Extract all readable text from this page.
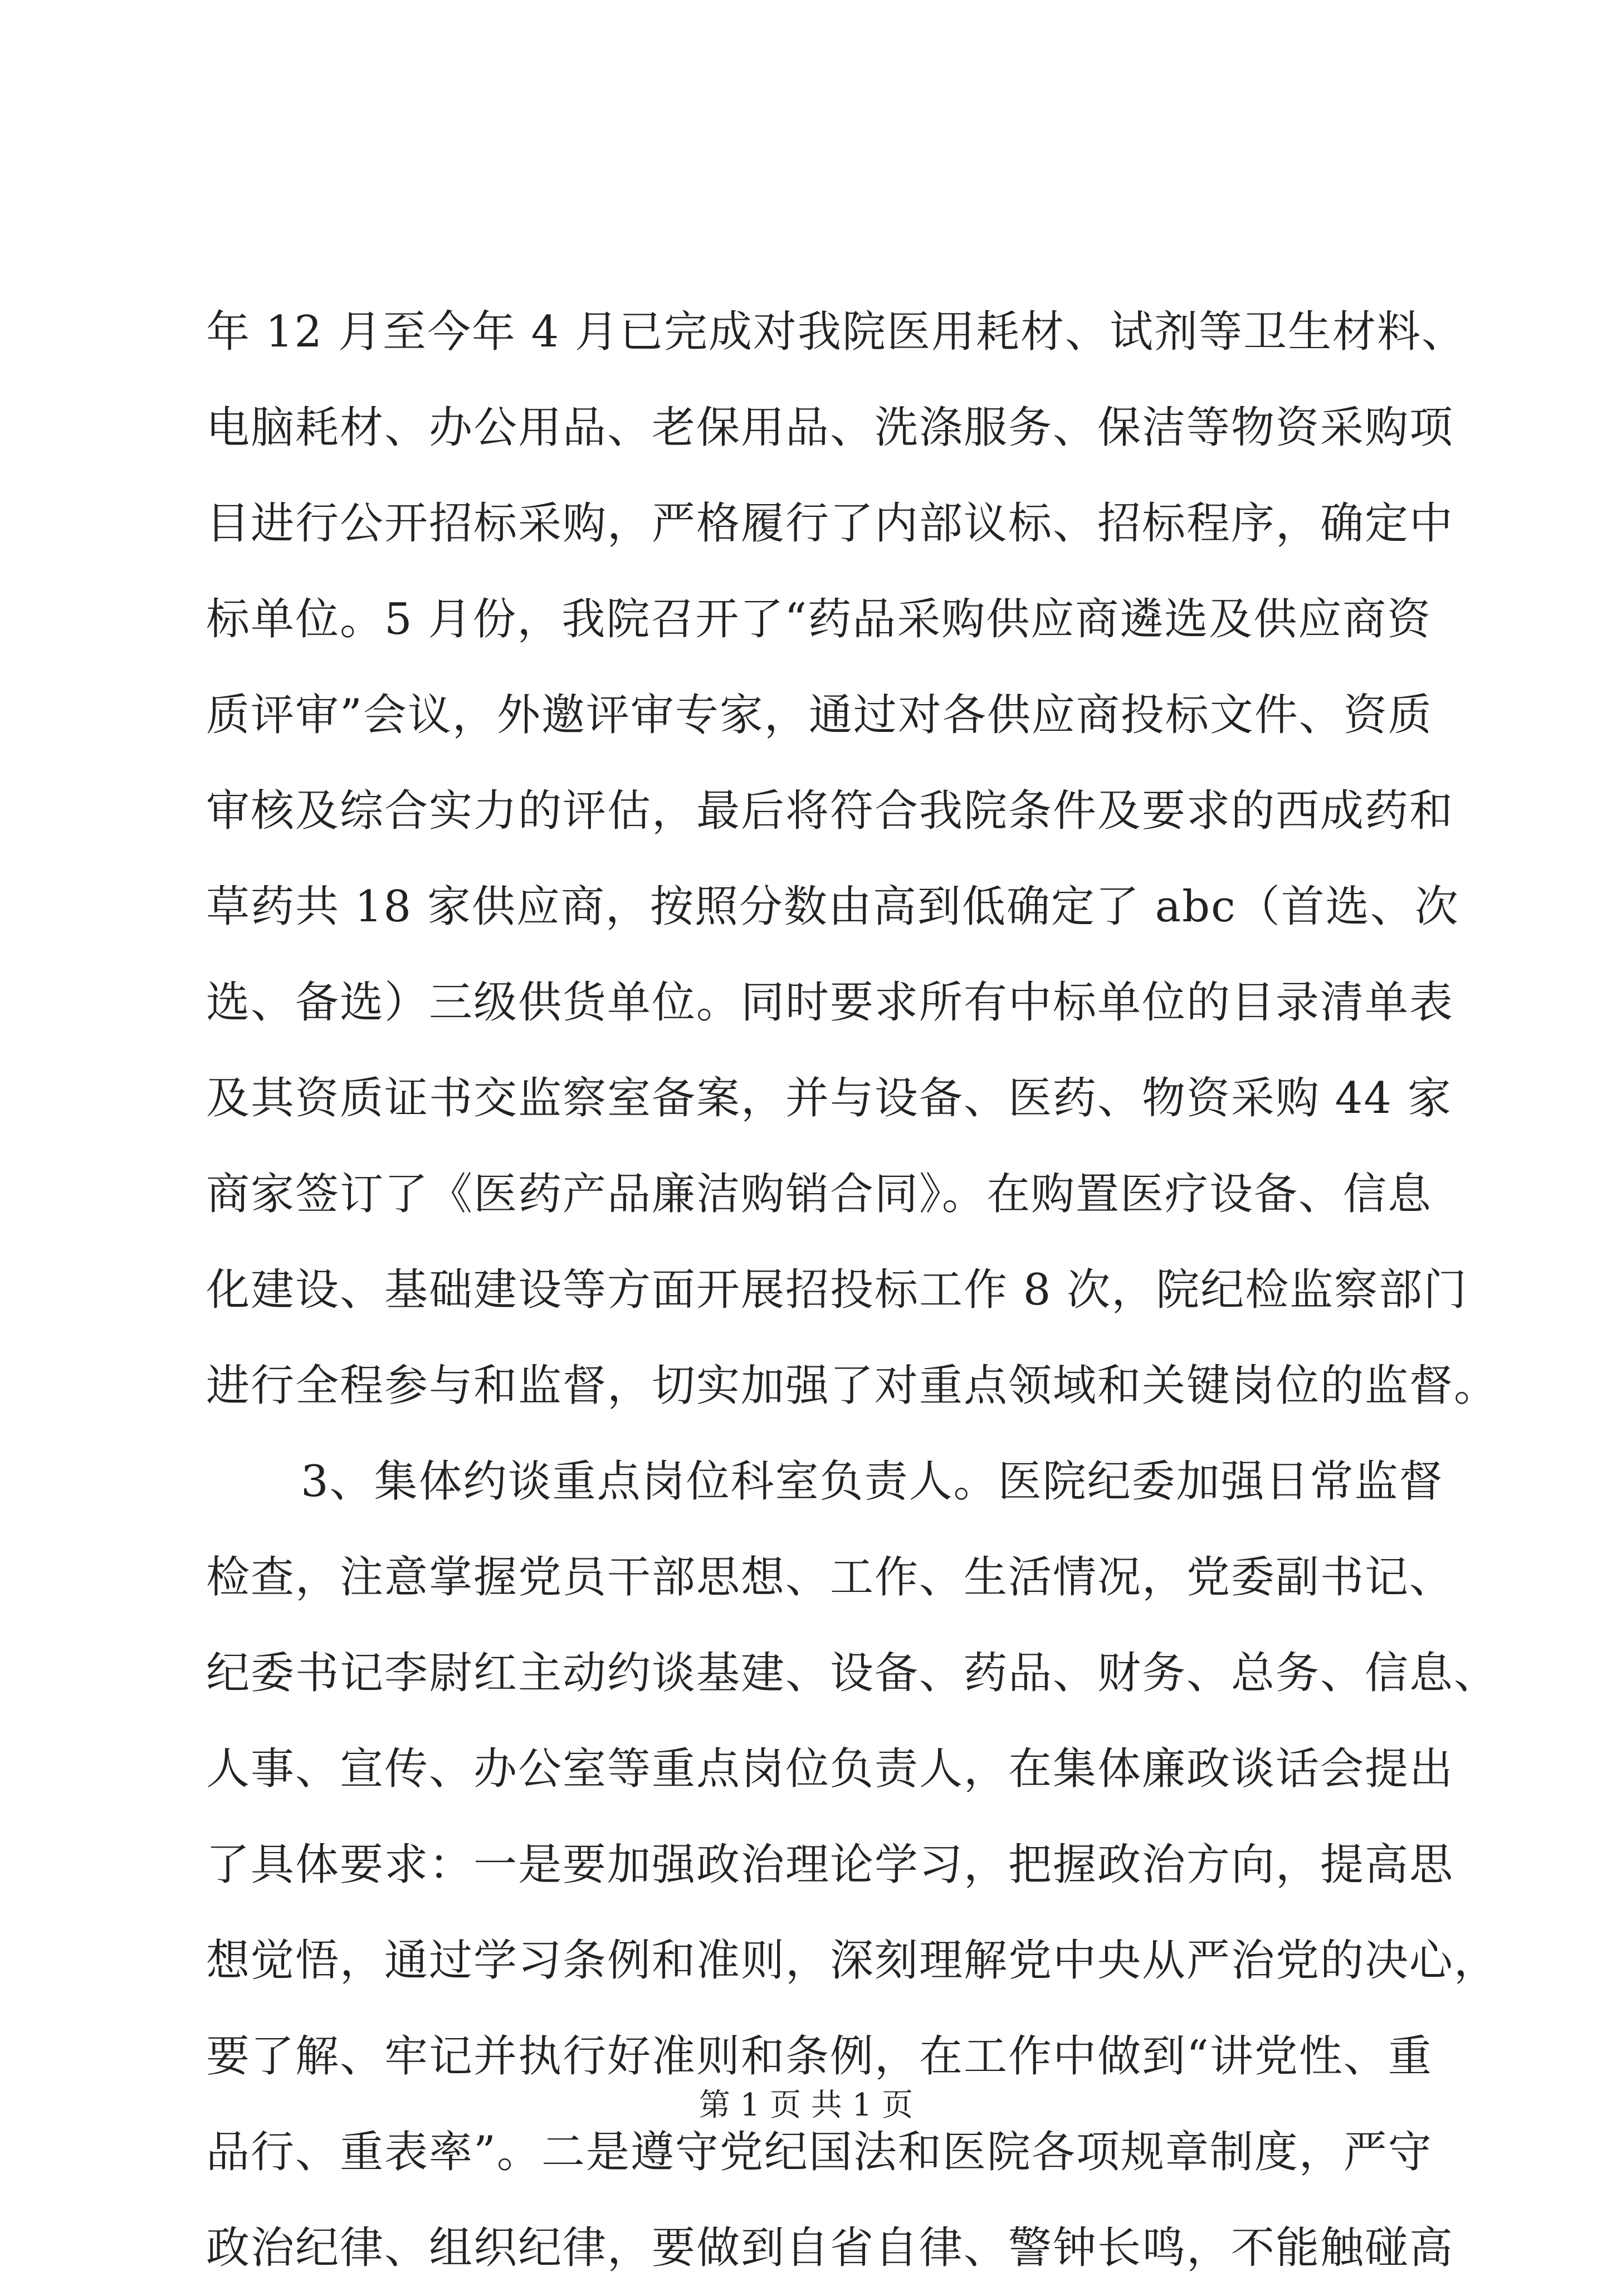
年 12 月至今年 4 月已完成对我院医用耗材、试剂等卫生材料、
电脑耗材、办公用品、老保用品、洗涤服务、保洁等物资采购项
目进行公开招标采购，严格履行了内部议标、招标程序，确定中
标单位。5 月份，我院召开了“药品采购供应商遴选及供应商资
质评审”会议，外邀评审专家，通过对各供应商投标文件、资质
审核及综合实力的评估，最后将符合我院条件及要求的西成药和
草药共 18 家供应商，按照分数由高到低确定了 abc（首选、次
选、备选）三级供货单位。同时要求所有中标单位的目录清单表
及其资质证书交监察室备案，并与设备、医药、物资采购 44 家
商家签订了《医药产品廉洁购销合同》。在购置医疗设备、信息
化建设、基础建设等方面开展招投标工作 8 次，院纪检监察部门
进行全程参与和监督，切实加强了对重点领域和关键岗位的监督。
3、集体约谈重点岗位科室负责人。医院纪委加强日常监督
检查，注意掌握党员干部思想、工作、生活情况，党委副书记、
纪委书记李尉红主动约谈基建、设备、药品、财务、总务、信息、
人事、宣传、办公室等重点岗位负责人，在集体廉政谈话会提出
了具体要求：一是要加强政治理论学习，把握政治方向，提高思
想觉悟，通过学习条例和准则，深刻理解党中央从严治党的决心，
要了解、牢记并执行好准则和条例，在工作中做到“讲党性、重
品行、重表率”。二是遵守党纪国法和医院各项规章制度，严守
政治纪律、组织纪律，要做到自省自律、警钟长鸣，不能触碰高
第 1 页 共 1 页
